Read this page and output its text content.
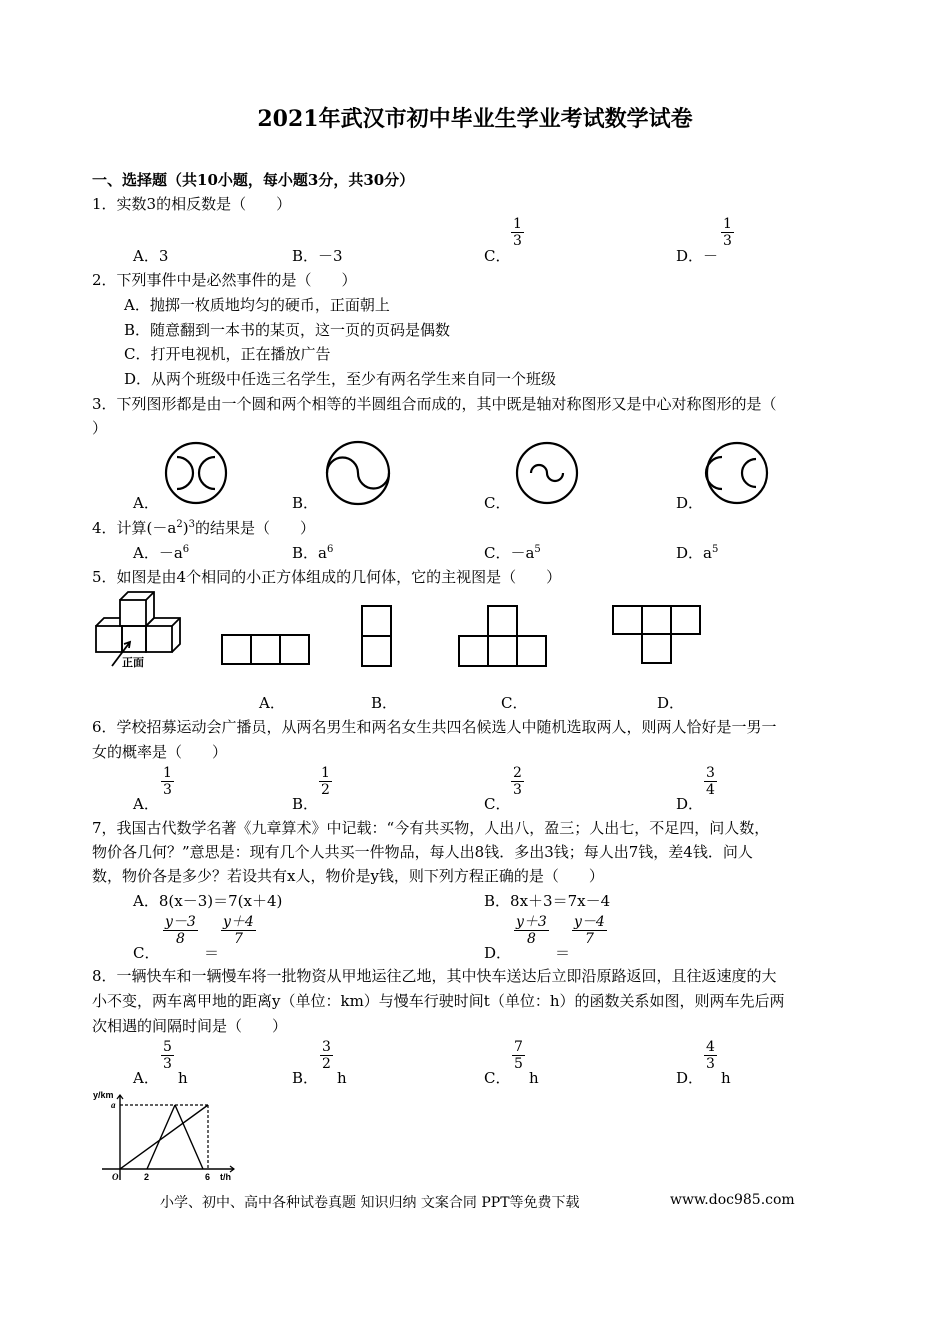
2021年武汉市初中毕业生学业考试数学试卷
一、选择题（共10小题，每小题3分，共30分）
1．实数3的相反数是（　　）
A．3	B．－3	C．
$\frac{1}{3}$
D．－
$\frac{1}{3}$
2．下列事件中是必然事件的是（　　）
A．抛掷一枚质地均匀的硬币，正面朝上
B．随意翻到一本书的某页，这一页的页码是偶数
C．打开电视机，正在播放广告
D．从两个班级中任选三名学生，至少有两名学生来自同一个班级
3．下列图形都是由一个圆和两个相等的半圆组合而成的，其中既是轴对称图形又是中心对称图形的是（
）
A．	B．	C．	D．
4．计算$(-a^2)^3$的结果是（　　）
A．$-a^6$	B．$a^6$	C．$-a^5$	D．$a^5$
5．如图是由4个相同的小正方体组成的几何体，它的主视图是（　　）
正面
A．	B．	C．	D．
6．学校招募运动会广播员，从两名男生和两名女生共四名候选人中随机选取两人，则两人恰好是一男一
女的概率是（　　）
A．
$\frac{1}{3}$
B．
$\frac{1}{2}$
C．
$\frac{2}{3}$
D．
$\frac{3}{4}$
7，我国古代数学名著《九章算术》中记载：“今有共买物，人出八，盈三；人出七，不足四，问人数，
物价各几何？”意思是：现有几个人共买一件物品，每人出8钱．多出3钱；每人出7钱，差4钱．问人
数，物价各是多少？若设共有x人，物价是y钱，则下列方程正确的是（　　）
A．8(x－3)＝7(x＋4)	B．8x＋3＝7x－4
C．
$\frac{y-3}{8}$
＝
$\frac{y+4}{7}$
D．
$\frac{y+3}{8}$
＝
$\frac{y-4}{7}$
8．一辆快车和一辆慢车将一批物资从甲地运往乙地，其中快车送达后立即沿原路返回，且往返速度的大
小不变，两车离甲地的距离y（单位：km）与慢车行驶时间t（单位：h）的函数关系如图，则两车先后两
次相遇的间隔时间是（　　）
A．
$\frac{5}{3}$
h	B．
$\frac{3}{2}$
h	C．
$\frac{7}{5}$
h	D．
$\frac{4}{3}$
h
y/km
a
O	2	6 t/h
小学、初中、高中各种试卷真题 知识归纳 文案合同 PPT等免费下载	www.doc985.com
